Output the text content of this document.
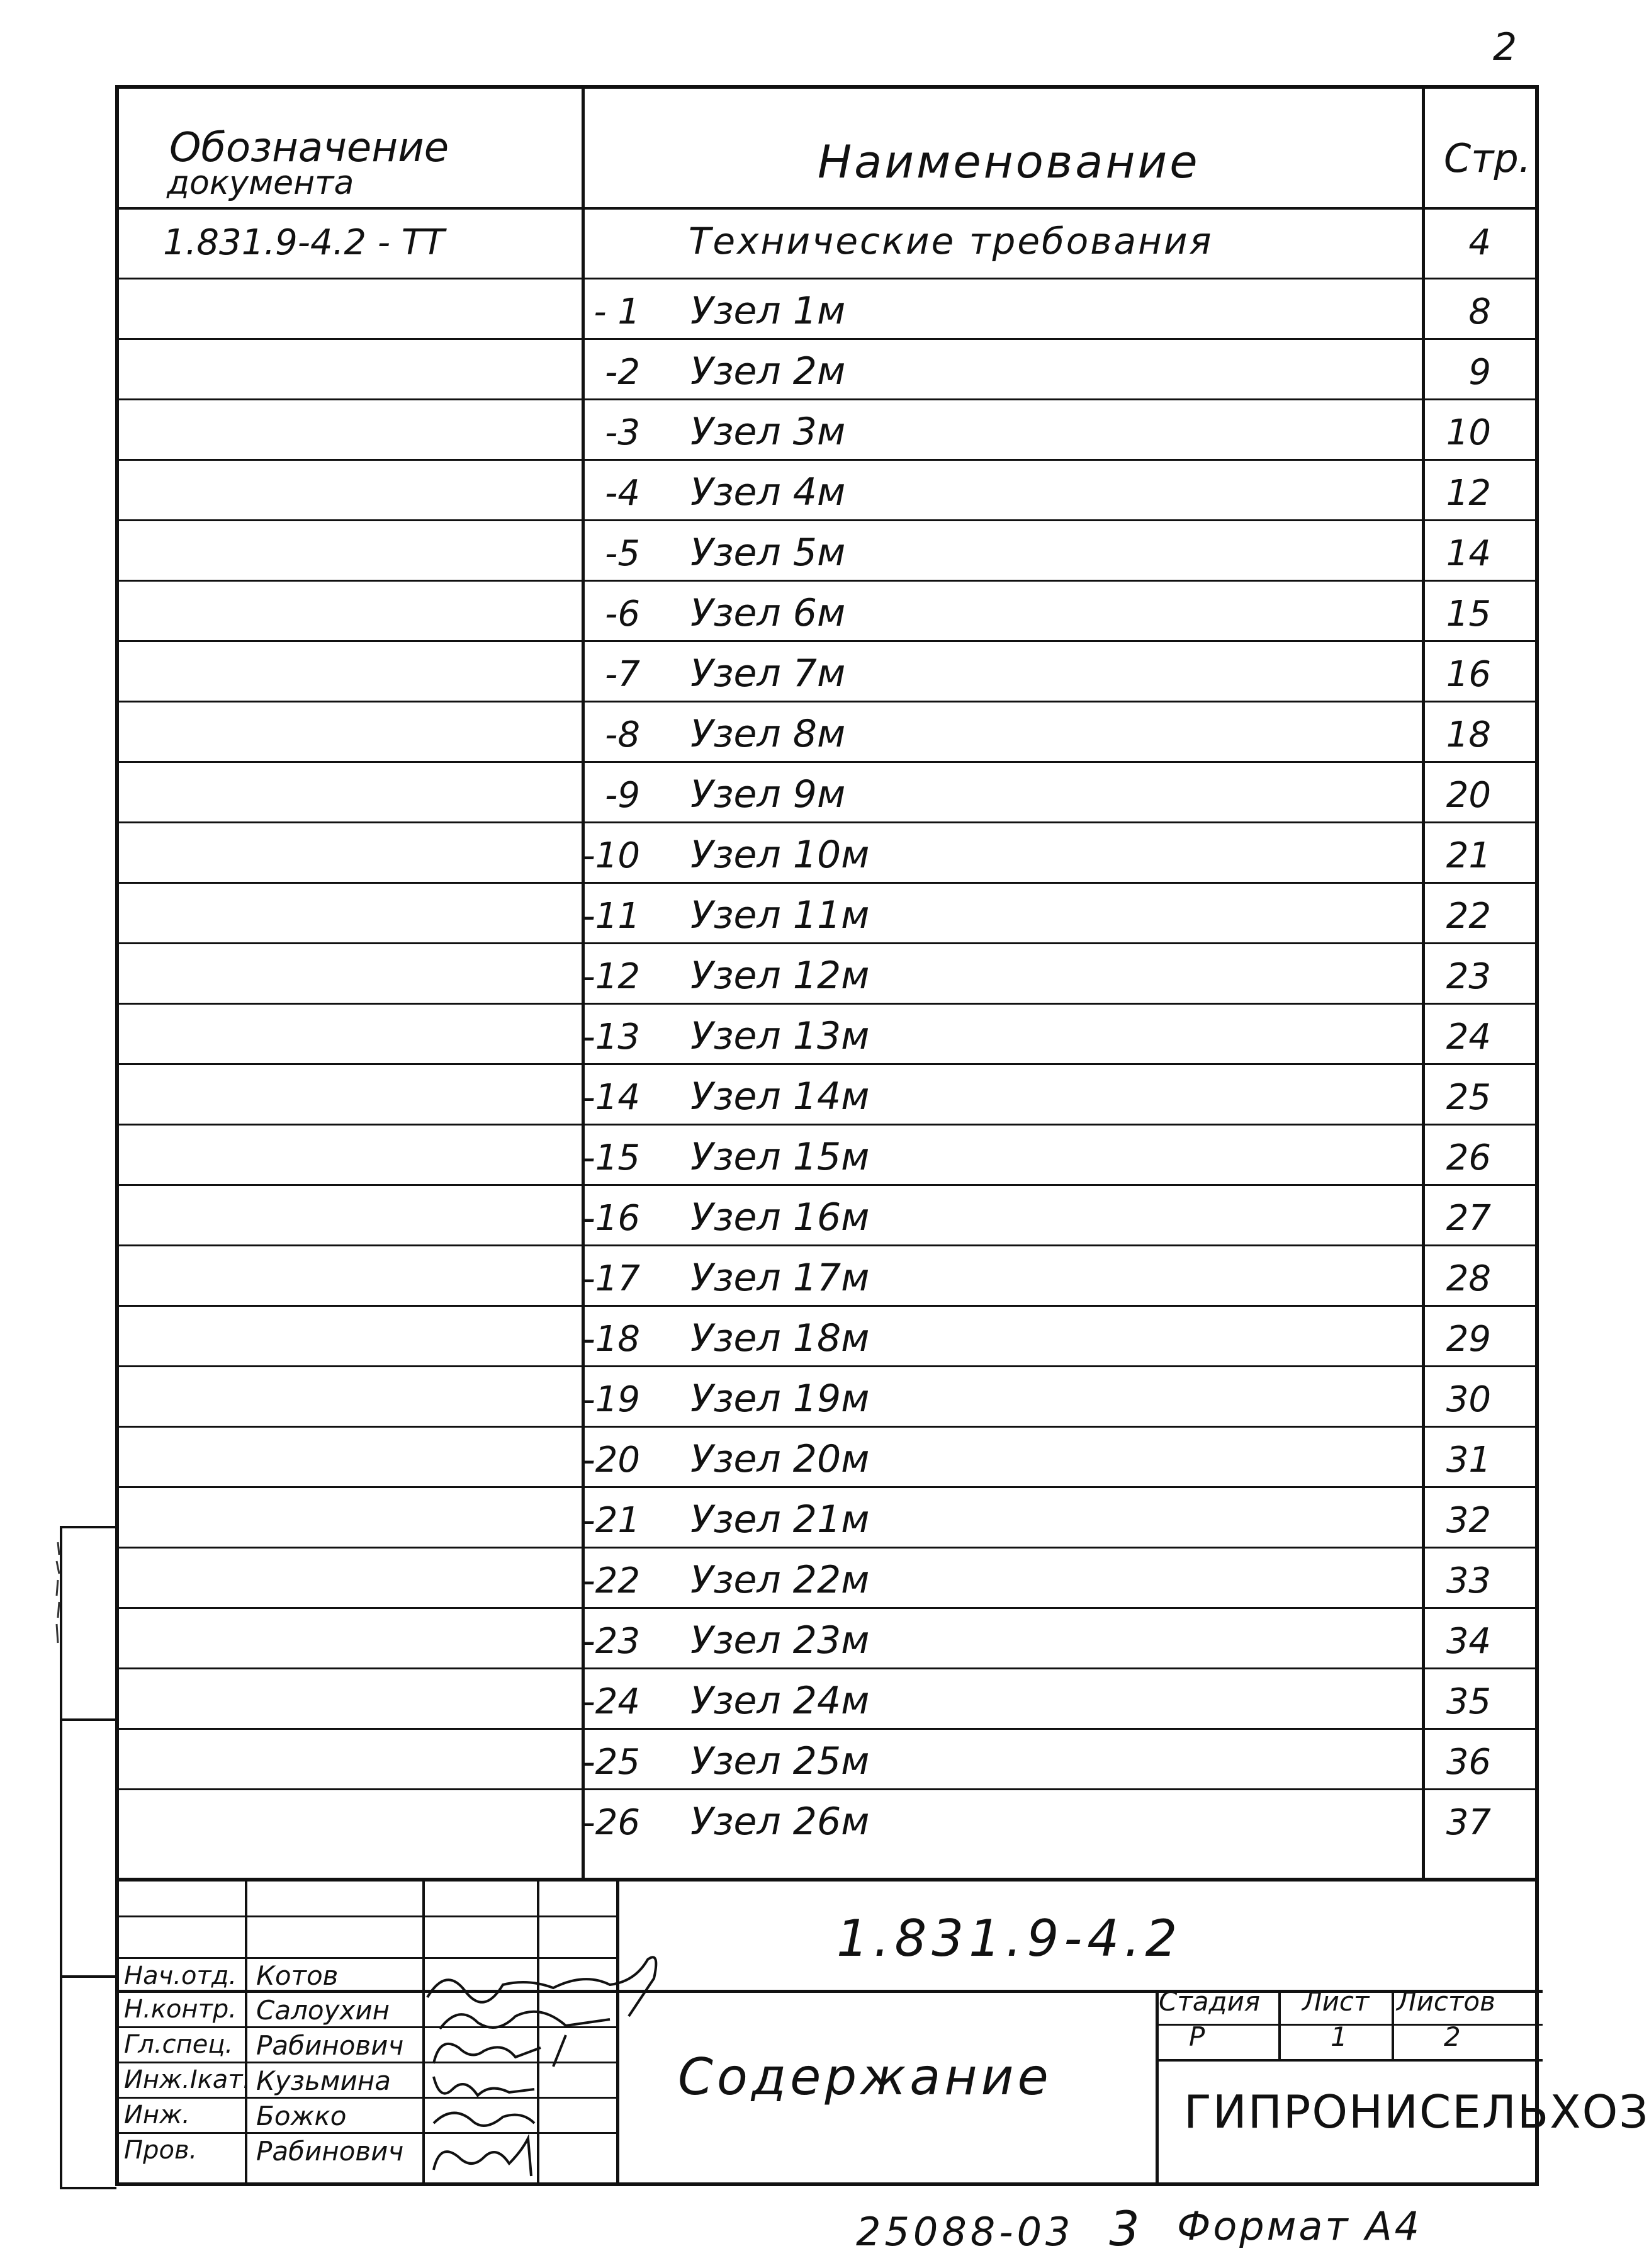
2
Обозначение
документа	Наименование	Стр.
1.831.9-4.2 - ТТ	Технические требования	4
- 1 Узел 1м	8
-2 Узел 2м	9
-3 Узел 3м	10
-4 Узел 4м	12
-5 Узел 5м	14
-6 Узел 6м	15
-7 Узел 7м	16
-8 Узел 8м	18
-9 Узел 9м	20
-10 Узел 10м	21
-11 Узел 11м	22
-12 Узел 12м	23
-13 Узел 13м	24
-14 Узел 14м	25
-15 Узел 15м	26
-16 Узел 16м	27
-17 Узел 17м	28
-18 Узел 18м	29
-19 Узел 19м	30
-20 Узел 20м	31
-21 Узел 21м	32
-22 Узел 22м	33
-23 Узел 23м	34
-24 Узел 24м	35
-25 Узел 25м	36
-26 Узел 26м	37
1.831.9-4.2
Содержание
Стадия Лист Листов
Р	1	2
ГИПРОНИСЕЛЬХОЗ
Нач.отд. Котов
Н.контр. Салоухин
Гл.спец. Рабинович
Инж.Iкат. Кузьмина
Инж.	Божко
Пров. Рабинович
25088-03 3 Формат А4
